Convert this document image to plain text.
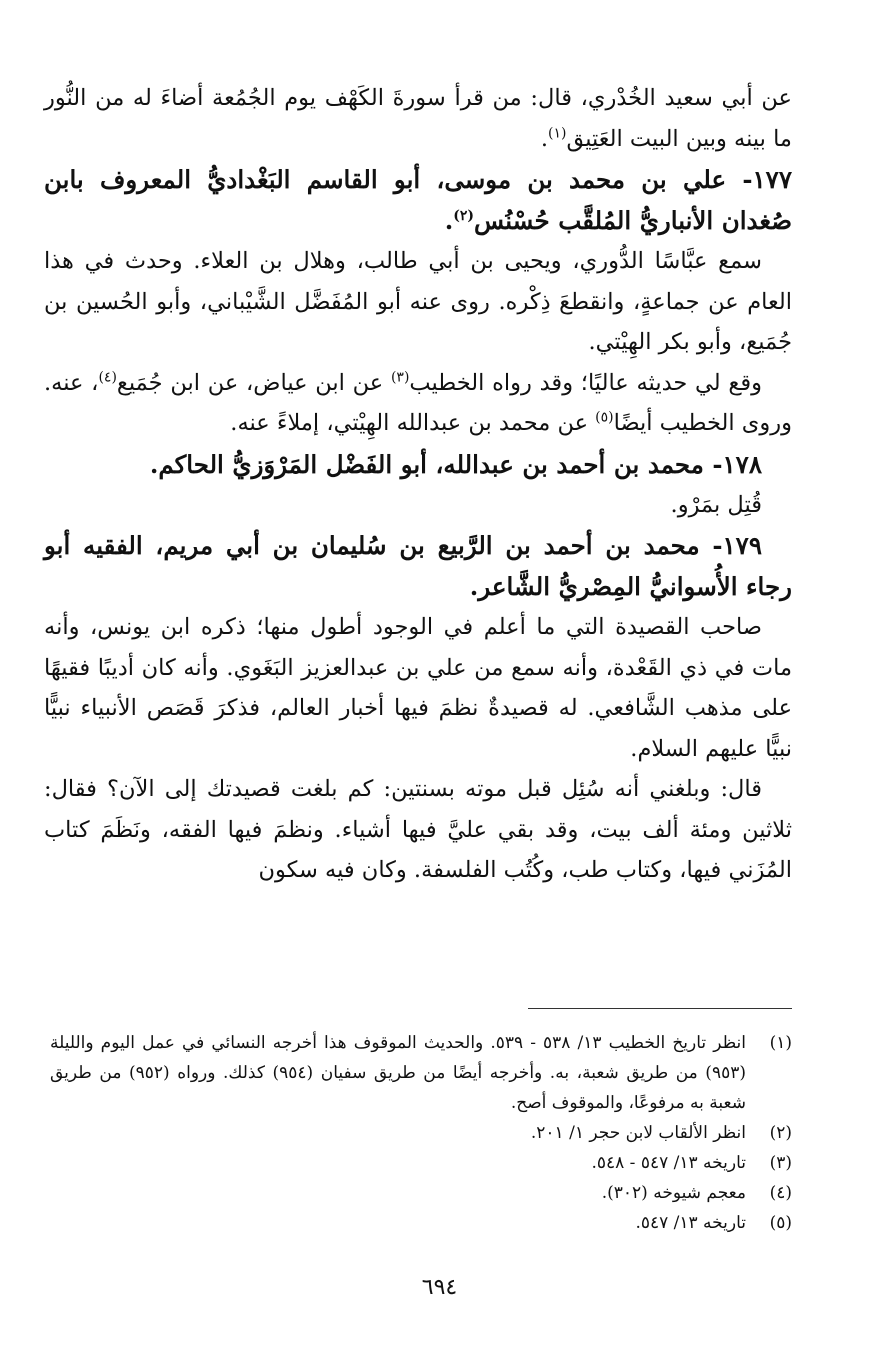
عن أبي سعيد الخُدْري، قال: من قرأ سورةَ الكَهْف يوم الجُمُعة أضاءَ له من النُّور ما بينه وبين البيت العَتِيق$^{(١)}$.

١٧٧- علي بن محمد بن موسى، أبو القاسم البَغْداديُّ المعروف بابن صُغدان الأنباريُّ المُلقَّب حُسْنُس$^{(٢)}$.

سمع عبَّاسًا الدُّوري، ويحيى بن أبي طالب، وهلال بن العلاء. وحدث في هذا العام عن جماعةٍ، وانقطعَ ذِكْره. روى عنه أبو المُفَضَّل الشَّيْباني، وأبو الحُسين بن جُمَيع، وأبو بكر الهِيْتي.

وقع لي حديثه عاليًا؛ وقد رواه الخطيب$^{(٣)}$ عن ابن عياض، عن ابن جُمَيع$^{(٤)}$، عنه. وروى الخطيب أيضًا$^{(٥)}$ عن محمد بن عبدالله الهِيْتي، إملاءً عنه.

١٧٨- محمد بن أحمد بن عبدالله، أبو الفَضْل المَرْوَزيُّ الحاكم.

قُتِل بمَرْو.

١٧٩- محمد بن أحمد بن الرَّبيع بن سُليمان بن أبي مريم، الفقيه أبو رجاء الأُسوانيُّ المِصْريُّ الشَّاعر.

صاحب القصيدة التي ما أعلم في الوجود أطول منها؛ ذكره ابن يونس، وأنه مات في ذي القَعْدة، وأنه سمع من علي بن عبدالعزيز البَغَوي. وأنه كان أديبًا فقيهًا على مذهب الشَّافعي. له قصيدةٌ نظمَ فيها أخبار العالم، فذكرَ قَصَص الأنبياء نبيًّا نبيًّا عليهم السلام.

قال: وبلغني أنه سُئِل قبل موته بسنتين: كم بلغت قصيدتك إلى الآن؟ فقال: ثلاثين ومئة ألف بيت، وقد بقي عليَّ فيها أشياء. ونظمَ فيها الفقه، ونَظَمَ كتاب المُزَني فيها، وكتاب طب، وكُتُب الفلسفة. وكان فيه سكون

(١)
انظر تاريخ الخطيب ١٣/ ٥٣٨ - ٥٣٩. والحديث الموقوف هذا أخرجه النسائي في عمل اليوم والليلة (٩٥٣) من طريق شعبة، به. وأخرجه أيضًا من طريق سفيان (٩٥٤) كذلك. ورواه (٩٥٢) من طريق شعبة به مرفوعًا، والموقوف أصح.
(٢)
انظر الألقاب لابن حجر ١/ ٢٠١.
(٣)
تاريخه ١٣/ ٥٤٧ - ٥٤٨.
(٤)
معجم شيوخه (٣٠٢).
(٥)
تاريخه ١٣/ ٥٤٧.
٦٩٤
